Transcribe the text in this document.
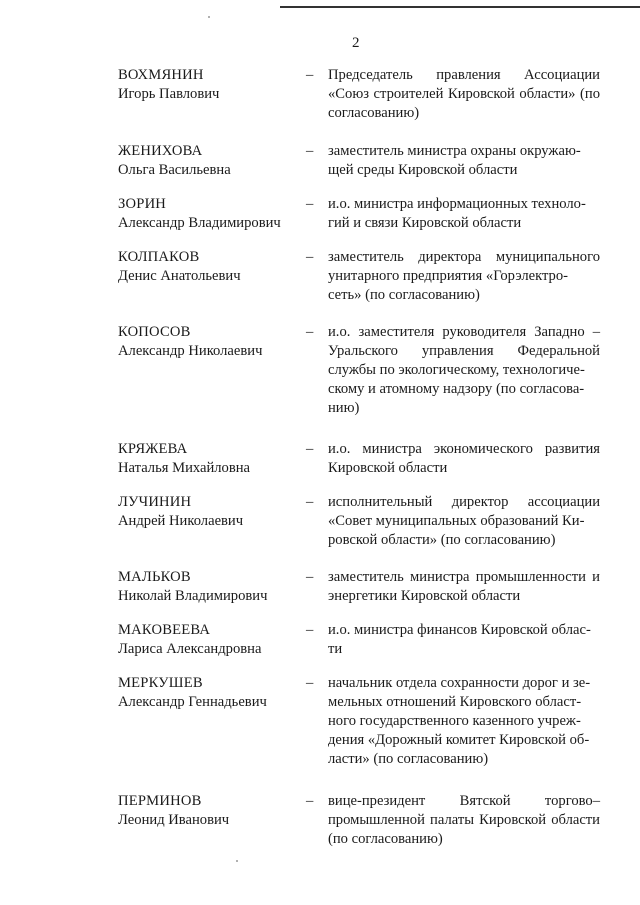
2
ВОХМЯНИН
Игорь Павлович
– Председатель правления Ассоциации «Союз строителей Кировской области» (по согласованию)
ЖЕНИХОВА
Ольга Васильевна
– заместитель министра охраны окружаю-
щей среды Кировской области
ЗОРИН
Александр Владимирович
– и.о. министра информационных техноло-
гий и связи Кировской области
КОЛПАКОВ
Денис Анатольевич
– заместитель директора муниципального унитарного предприятия «Горэлектро-
сеть» (по согласованию)
КОПОСОВ
Александр Николаевич
– и.о. заместителя руководителя Западно – Уральского управления Федеральной службы по экологическому, технологиче-
скому и атомному надзору (по согласова-
нию)
КРЯЖЕВА
Наталья Михайловна
– и.о. министра экономического развития Кировской области
ЛУЧИНИН
Андрей Николаевич
– исполнительный директор ассоциации «Совет муниципальных образований Ки-
ровской области» (по согласованию)
МАЛЬКОВ
Николай Владимирович
– заместитель министра промышленности и энергетики Кировской области
МАКОВЕЕВА
Лариса Александровна
– и.о. министра финансов Кировской облас-
ти
МЕРКУШЕВ
Александр Геннадьевич
– начальник отдела сохранности дорог и зе-
мельных отношений Кировского област-
ного государственного казенного учреж-
дения «Дорожный комитет Кировской об-
ласти» (по согласованию)
ПЕРМИНОВ
Леонид Иванович
– вице-президент Вятской торгово–промышленной палаты Кировской области (по согласованию)
